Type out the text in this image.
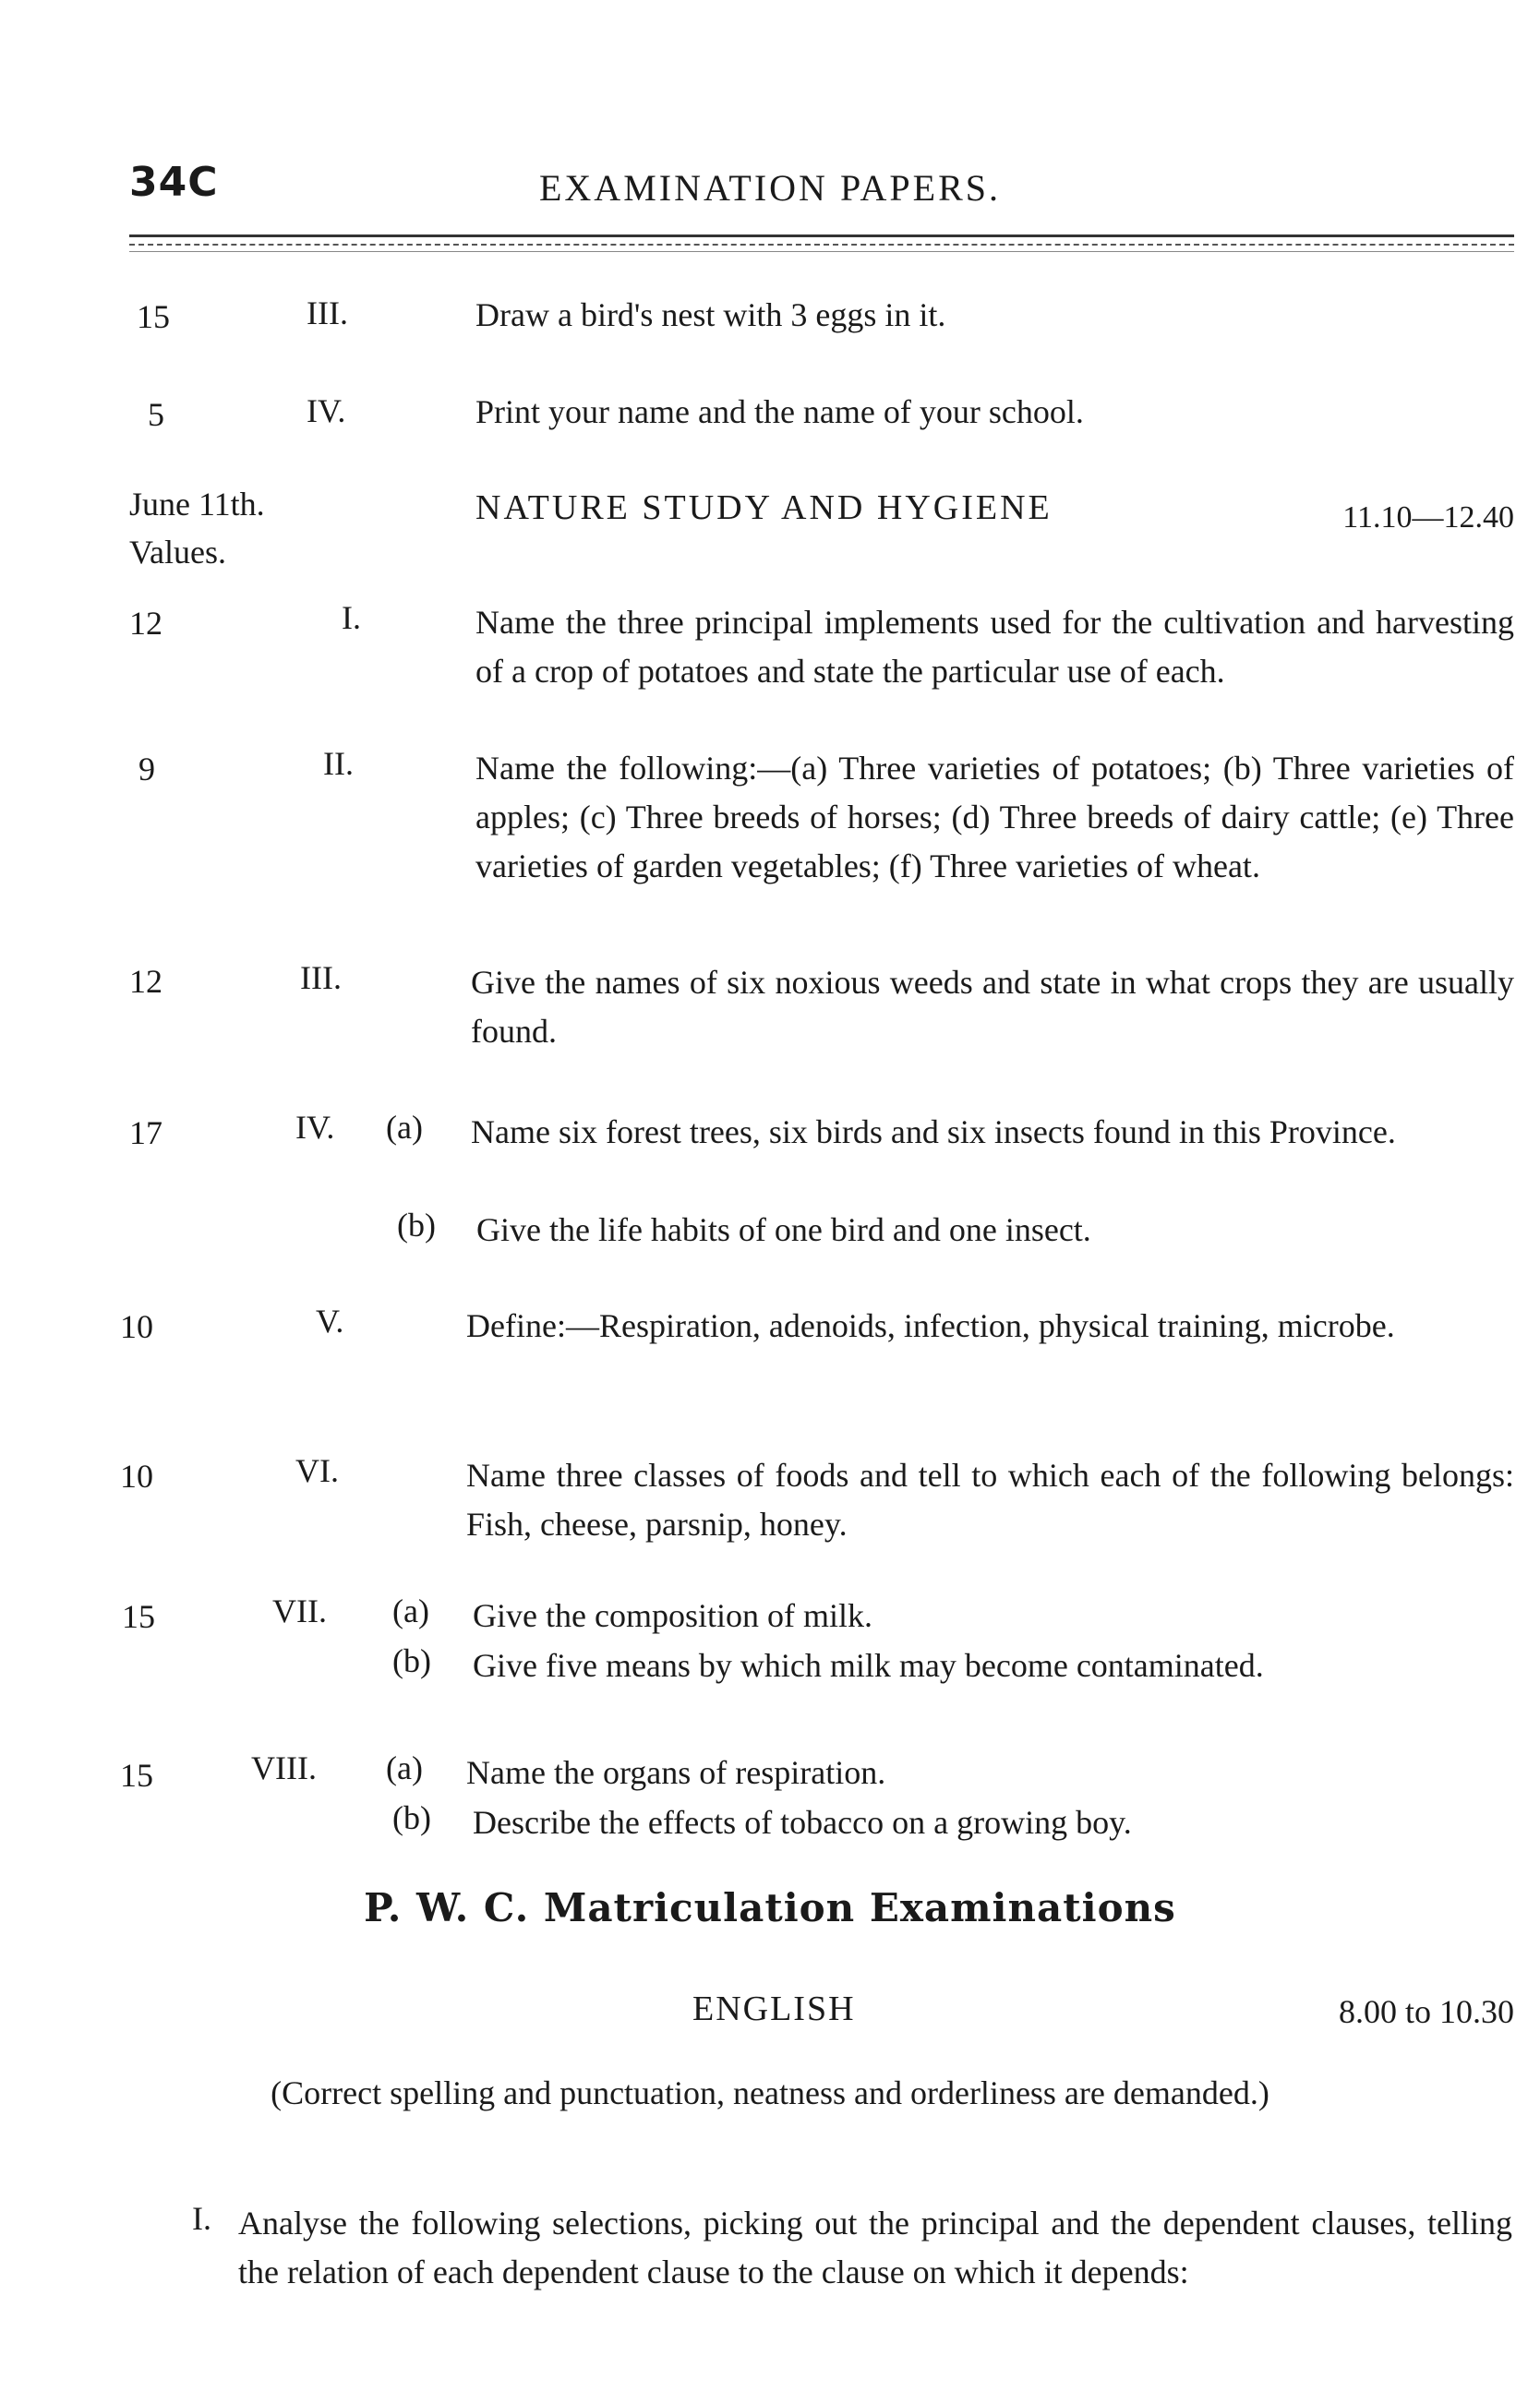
34C	EXAMINATION PAPERS.
15	III.	Draw a bird's nest with 3 eggs in it.
5	IV.	Print your name and the name of your school.
June 11th.
Values.
NATURE STUDY AND HYGIENE	11.10—12.40
12	I.	Name the three principal implements used for the cultivation and harvesting of a crop of potatoes and state the particular use of each.
9	II.	Name the following:—(a) Three varieties of potatoes; (b) Three varieties of apples; (c) Three breeds of horses; (d) Three breeds of dairy cattle; (e) Three varieties of garden vegetables; (f) Three varieties of wheat.
12	III.	Give the names of six noxious weeds and state in what crops they are usually found.
17	IV. (a) Name six forest trees, six birds and six insects found in this Province.
(b) Give the life habits of one bird and one insect.
10	V.	Define:—Respiration, adenoids, infection, physical training, microbe.
10	VI.	Name three classes of foods and tell to which each of the following belongs: Fish, cheese, parsnip, honey.
15	VII. (a) Give the composition of milk.
(b) Give five means by which milk may become contaminated.
15	VIII. (a) Name the organs of respiration.
(b) Describe the effects of tobacco on a growing boy.
P. W. C. Matriculation Examinations
ENGLISH	8.00 to 10.30
(Correct spelling and punctuation, neatness and orderliness are demanded.)
I. Analyse the following selections, picking out the principal and the dependent clauses, telling the relation of each dependent clause to the clause on which it depends:
